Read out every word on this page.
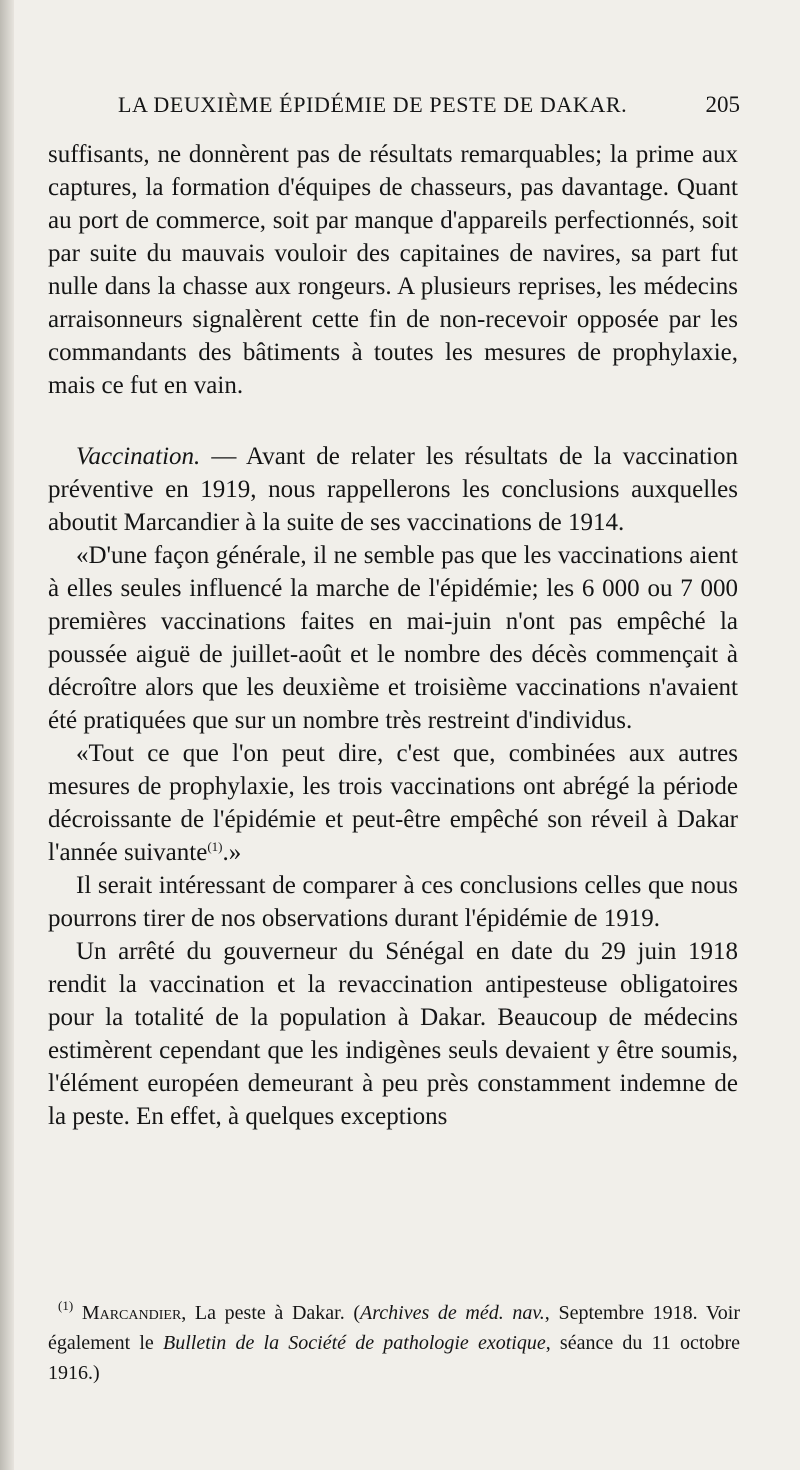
LA DEUXIÈME ÉPIDÉMIE DE PESTE DE DAKAR.	205

suffisants, ne donnèrent pas de résultats remarquables; la prime aux captures, la formation d'équipes de chasseurs, pas davantage. Quant au port de commerce, soit par manque d'appareils perfectionnés, soit par suite du mauvais vouloir des capitaines de navires, sa part fut nulle dans la chasse aux rongeurs. A plusieurs reprises, les médecins arraisonneurs signalèrent cette fin de non-recevoir opposée par les commandants des bâtiments à toutes les mesures de prophylaxie, mais ce fut en vain.

Vaccination. — Avant de relater les résultats de la vaccination préventive en 1919, nous rappellerons les conclusions auxquelles aboutit Marcandier à la suite de ses vaccinations de 1914.

«D'une façon générale, il ne semble pas que les vaccinations aient à elles seules influencé la marche de l'épidémie; les 6 000 ou 7 000 premières vaccinations faites en mai-juin n'ont pas empêché la poussée aiguë de juillet-août et le nombre des décès commençait à décroître alors que les deuxième et troisième vaccinations n'avaient été pratiquées que sur un nombre très restreint d'individus.

«Tout ce que l'on peut dire, c'est que, combinées aux autres mesures de prophylaxie, les trois vaccinations ont abrégé la période décroissante de l'épidémie et peut-être empêché son réveil à Dakar l'année suivante$^{(1)}$.»

Il serait intéressant de comparer à ces conclusions celles que nous pourrons tirer de nos observations durant l'épidémie de 1919.

Un arrêté du gouverneur du Sénégal en date du 29 juin 1918 rendit la vaccination et la revaccination antipesteuse obligatoires pour la totalité de la population à Dakar. Beaucoup de médecins estimèrent cependant que les indigènes seuls devaient y être soumis, l'élément européen demeurant à peu près constamment indemne de la peste. En effet, à quelques exceptions

$^{(1)}$ Marcandier, La peste à Dakar. (Archives de méd. nav., Septembre 1918. Voir également le Bulletin de la Société de pathologie exotique, séance du 11 octobre 1916.)
